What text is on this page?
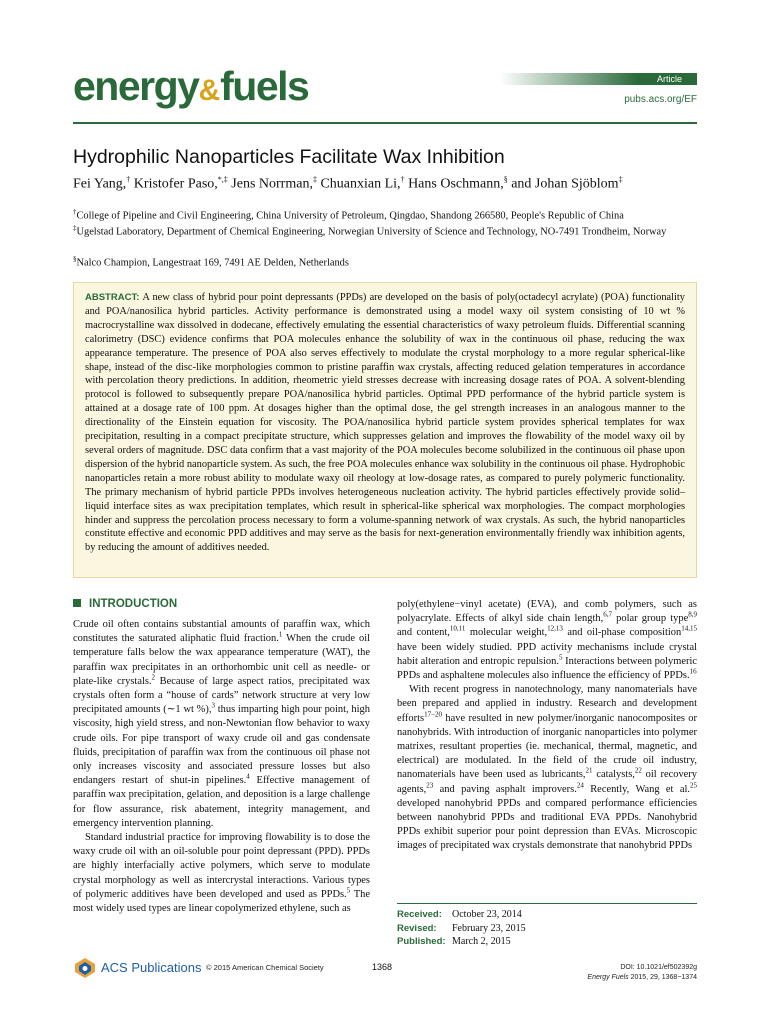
energy&fuels	Article
pubs.acs.org/EF
Hydrophilic Nanoparticles Facilitate Wax Inhibition
Fei Yang,† Kristofer Paso,*,‡ Jens Norrman,‡ Chuanxian Li,† Hans Oschmann,§ and Johan Sjöblom‡
†College of Pipeline and Civil Engineering, China University of Petroleum, Qingdao, Shandong 266580, People's Republic of China
‡Ugelstad Laboratory, Department of Chemical Engineering, Norwegian University of Science and Technology, NO-7491 Trondheim, Norway
§Nalco Champion, Langestraat 169, 7491 AE Delden, Netherlands
ABSTRACT: A new class of hybrid pour point depressants (PPDs) are developed on the basis of poly(octadecyl acrylate) (POA) functionality and POA/nanosilica hybrid particles. Activity performance is demonstrated using a model waxy oil system consisting of 10 wt % macrocrystalline wax dissolved in dodecane, effectively emulating the essential characteristics of waxy petroleum fluids. Differential scanning calorimetry (DSC) evidence confirms that POA molecules enhance the solubility of wax in the continuous oil phase, reducing the wax appearance temperature. The presence of POA also serves effectively to modulate the crystal morphology to a more regular spherical-like shape, instead of the disc-like morphologies common to pristine paraffin wax crystals, affecting reduced gelation temperatures in accordance with percolation theory predictions. In addition, rheometric yield stresses decrease with increasing dosage rates of POA. A solvent-blending protocol is followed to subsequently prepare POA/nanosilica hybrid particles. Optimal PPD performance of the hybrid particle system is attained at a dosage rate of 100 ppm. At dosages higher than the optimal dose, the gel strength increases in an analogous manner to the directionality of the Einstein equation for viscosity. The POA/nanosilica hybrid particle system provides spherical templates for wax precipitation, resulting in a compact precipitate structure, which suppresses gelation and improves the flowability of the model waxy oil by several orders of magnitude. DSC data confirm that a vast majority of the POA molecules become solubilized in the continuous oil phase upon dispersion of the hybrid nanoparticle system. As such, the free POA molecules enhance wax solubility in the continuous oil phase. Hydrophobic nanoparticles retain a more robust ability to modulate waxy oil rheology at low-dosage rates, as compared to purely polymeric functionality. The primary mechanism of hybrid particle PPDs involves heterogeneous nucleation activity. The hybrid particles effectively provide solid–liquid interface sites as wax precipitation templates, which result in spherical-like spherical wax morphologies. The compact morphologies hinder and suppress the percolation process necessary to form a volume-spanning network of wax crystals. As such, the hybrid nanoparticles constitute effective and economic PPD additives and may serve as the basis for next-generation environmentally friendly wax inhibition agents, by reducing the amount of additives needed.
INTRODUCTION

Crude oil often contains substantial amounts of paraffin wax, which constitutes the saturated aliphatic fluid fraction.$^1$ When the crude oil temperature falls below the wax appearance temperature (WAT), the paraffin wax precipitates in an orthorhombic unit cell as needle- or plate-like crystals.$^2$ Because of large aspect ratios, precipitated wax crystals often form a “house of cards” network structure at very low precipitated amounts (∼1 wt %),$^3$ thus imparting high pour point, high viscosity, high yield stress, and non-Newtonian flow behavior to waxy crude oils. For pipe transport of waxy crude oil and gas condensate fluids, precipitation of paraffin wax from the continuous oil phase not only increases viscosity and associated pressure losses but also endangers restart of shut-in pipelines.$^4$ Effective management of paraffin wax precipitation, gelation, and deposition is a large challenge for flow assurance, risk abatement, integrity management, and emergency intervention planning.

Standard industrial practice for improving flowability is to dose the waxy crude oil with an oil-soluble pour point depressant (PPD). PPDs are highly interfacially active polymers, which serve to modulate crystal morphology as well as intercrystal interactions. Various types of polymeric additives have been developed and used as PPDs.$^5$ The most widely used types are linear copolymerized ethylene, such as

poly(ethylene−vinyl acetate) (EVA), and comb polymers, such as polyacrylate. Effects of alkyl side chain length,$^{6,7}$ polar group type$^{8,9}$ and content,$^{10,11}$ molecular weight,$^{12,13}$ and oil-phase composition$^{14,15}$ have been widely studied. PPD activity mechanisms include crystal habit alteration and entropic repulsion.$^5$ Interactions between polymeric PPDs and asphaltene molecules also influence the efficiency of PPDs.$^{16}$

With recent progress in nanotechnology, many nanomaterials have been prepared and applied in industry. Research and development efforts$^{17-20}$ have resulted in new polymer/inorganic nanocomposites or nanohybrids. With introduction of inorganic nanoparticles into polymer matrixes, resultant properties (ie. mechanical, thermal, magnetic, and electrical) are modulated. In the field of the crude oil industry, nanomaterials have been used as lubricants,$^{21}$ catalysts,$^{22}$ oil recovery agents,$^{23}$ and paving asphalt improvers.$^{24}$ Recently, Wang et al.$^{25}$ developed nanohybrid PPDs and compared performance efficiencies between nanohybrid PPDs and traditional EVA PPDs. Nanohybrid PPDs exhibit superior pour point depression than EVAs. Microscopic images of precipitated wax crystals demonstrate that nanohybrid PPDs

Received: October 23, 2014
Revised: February 23, 2015
Published: March 2, 2015
ACS Publications © 2015 American Chemical Society	1368	DOI: 10.1021/ef502392g
Energy Fuels 2015, 29, 1368−1374
